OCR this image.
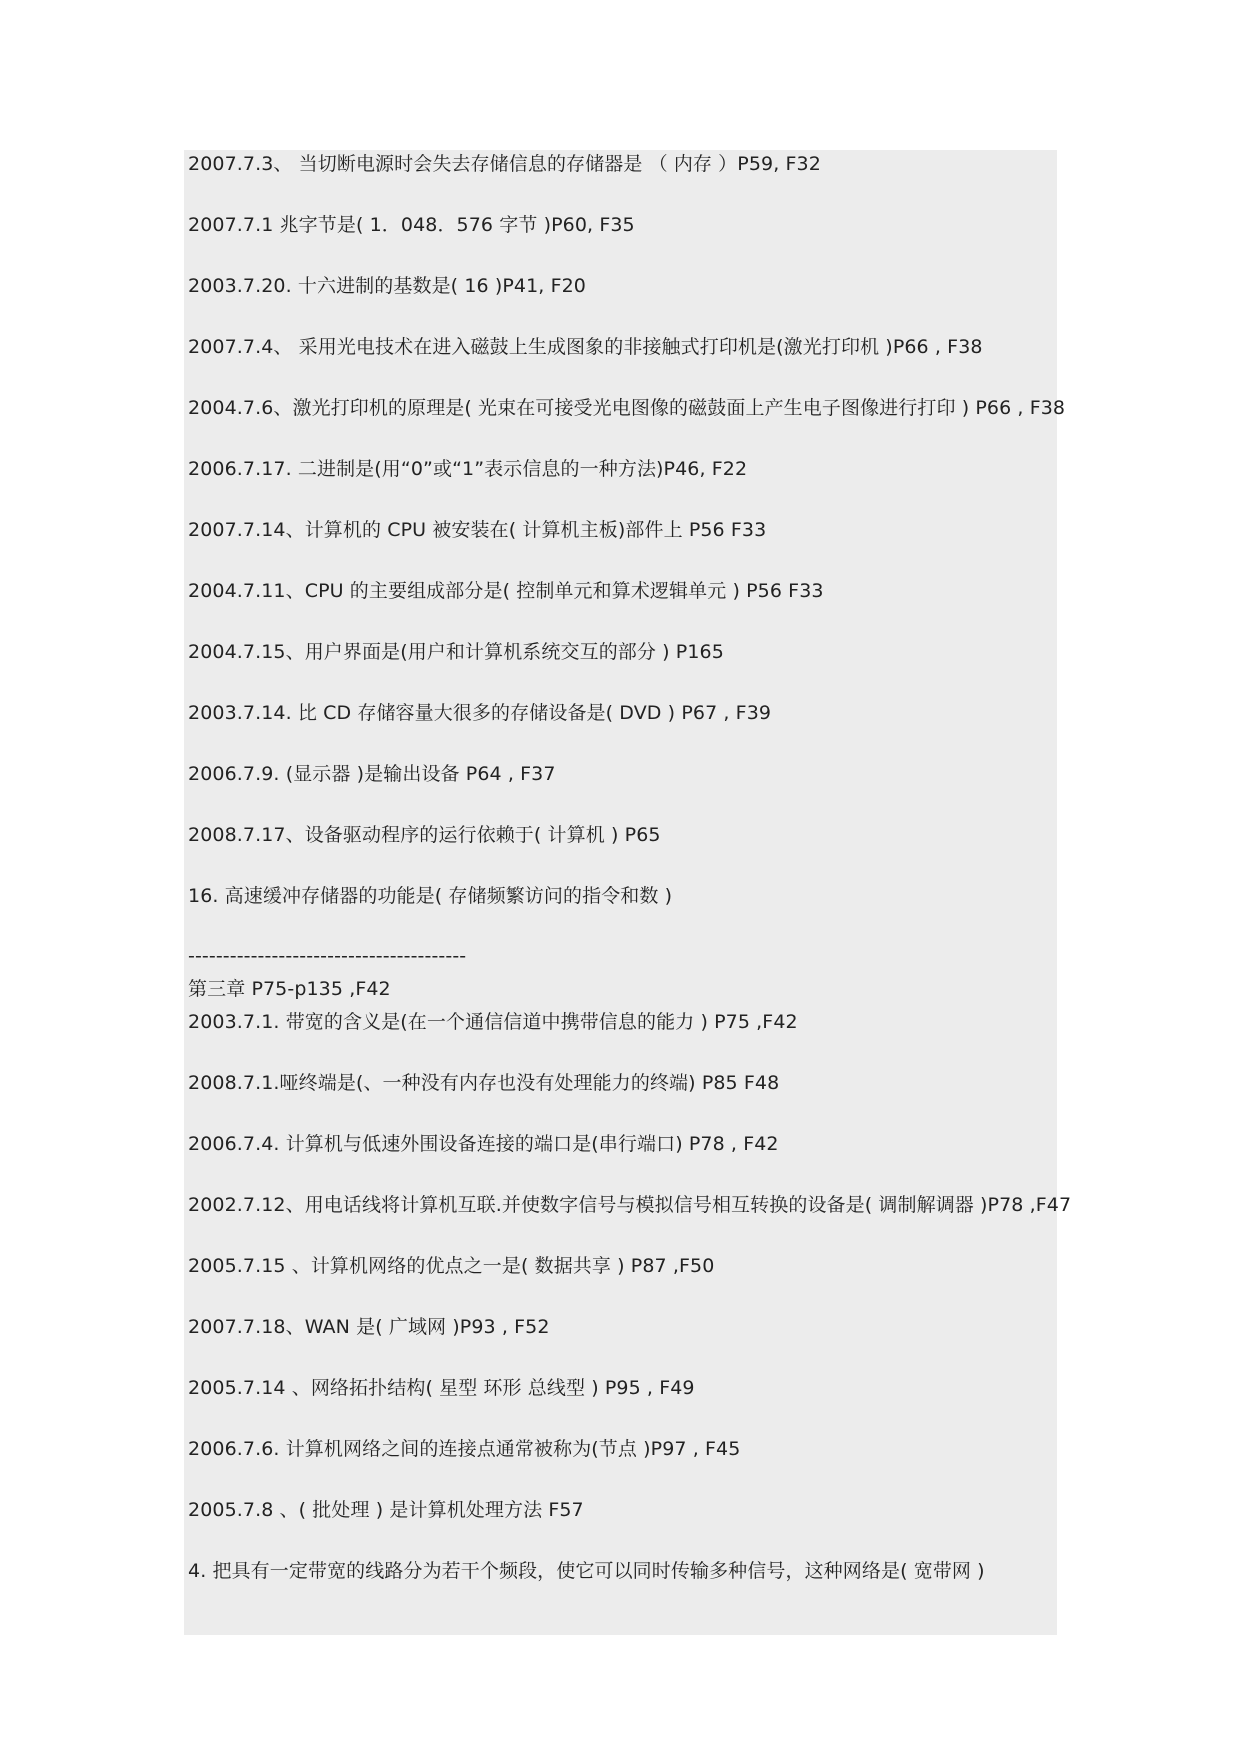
2007.7.3、 当切断电源时会失去存储信息的存储器是 （ 内存 ）P59, F32
2007.7.1 兆字节是( 1．048．576 字节 )P60, F35
2003.7.20. 十六进制的基数是( 16 )P41, F20
2007.7.4、 采用光电技术在进入磁鼓上生成图象的非接触式打印机是(激光打印机 )P66 , F38
2004.7.6、激光打印机的原理是( 光束在可接受光电图像的磁鼓面上产生电子图像进行打印 ) P66 , F38
2006.7.17. 二进制是(用“0”或“1”表示信息的一种方法)P46, F22
2007.7.14、计算机的 CPU 被安装在( 计算机主板)部件上 P56 F33
2004.7.11、CPU 的主要组成部分是( 控制单元和算术逻辑单元 ) P56 F33
2004.7.15、用户界面是(用户和计算机系统交互的部分 ) P165
2003.7.14. 比 CD 存储容量大很多的存储设备是( DVD ) P67 , F39
2006.7.9. (显示器 )是输出设备 P64 , F37
2008.7.17、设备驱动程序的运行依赖于( 计算机 ) P65
16. 高速缓冲存储器的功能是( 存储频繁访问的指令和数 )
----------------------------------------
第三章 P75-p135 ,F42
2003.7.1. 带宽的含义是(在一个通信信道中携带信息的能力 ) P75 ,F42
2008.7.1.哑终端是(、一种没有内存也没有处理能力的终端) P85 F48
2006.7.4. 计算机与低速外围设备连接的端口是(串行端口) P78 , F42
2002.7.12、用电话线将计算机互联.并使数字信号与模拟信号相互转换的设备是( 调制解调器 )P78 ,F47
2005.7.15 、计算机网络的优点之一是( 数据共享 ) P87 ,F50
2007.7.18、WAN 是( 广域网 )P93 , F52
2005.7.14 、网络拓扑结构( 星型 环形 总线型 ) P95 , F49
2006.7.6. 计算机网络之间的连接点通常被称为(节点 )P97 , F45
2005.7.8 、( 批处理 ) 是计算机处理方法 F57
4. 把具有一定带宽的线路分为若干个频段，使它可以同时传输多种信号，这种网络是( 宽带网 )
